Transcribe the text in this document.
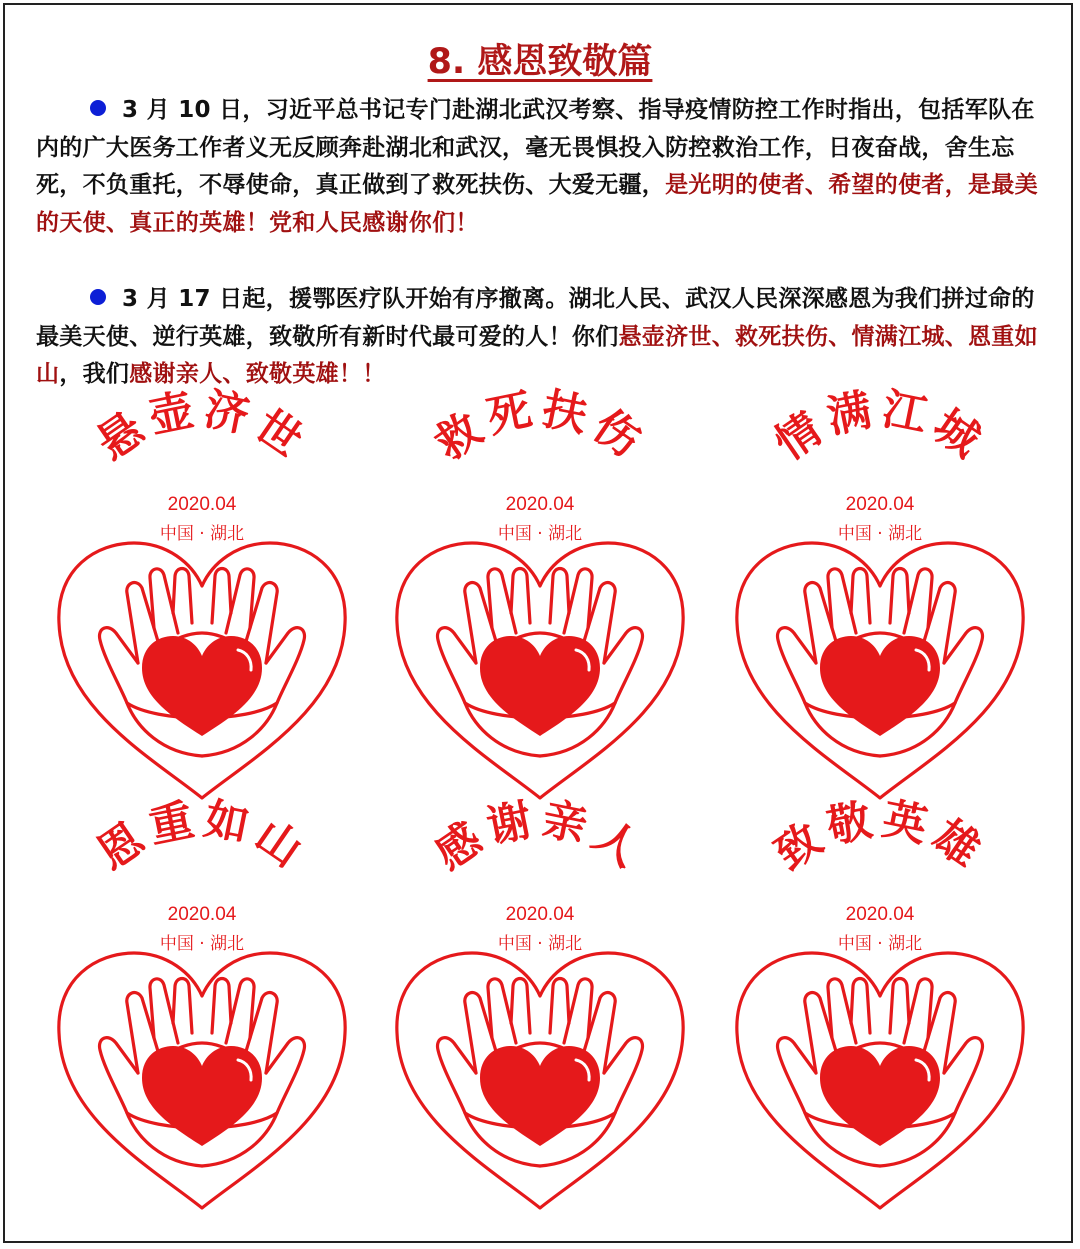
8. 感恩致敬篇
3 月 10 日，习近平总书记专门赴湖北武汉考察、指导疫情防控工作时指出，包括军队在内的广大医务工作者义无反顾奔赴湖北和武汉，毫无畏惧投入防控救治工作，日夜奋战，舍生忘死，不负重托，不辱使命，真正做到了救死扶伤、大爱无疆，是光明的使者、希望的使者，是最美的天使、真正的英雄！党和人民感谢你们！
3 月 17 日起，援鄂医疗队开始有序撤离。湖北人民、武汉人民深深感恩为我们拼过命的最美天使、逆行英雄，致敬所有新时代最可爱的人！你们悬壶济世、救死扶伤、情满江城、恩重如山，我们感谢亲人、致敬英雄！！
悬壶济世
2020.04
中国 · 湖北
救死扶伤
2020.04
中国 · 湖北
情满江城
2020.04
中国 · 湖北
恩重如山
2020.04
中国 · 湖北
感谢亲人
2020.04
中国 · 湖北
致敬英雄
2020.04
中国 · 湖北
